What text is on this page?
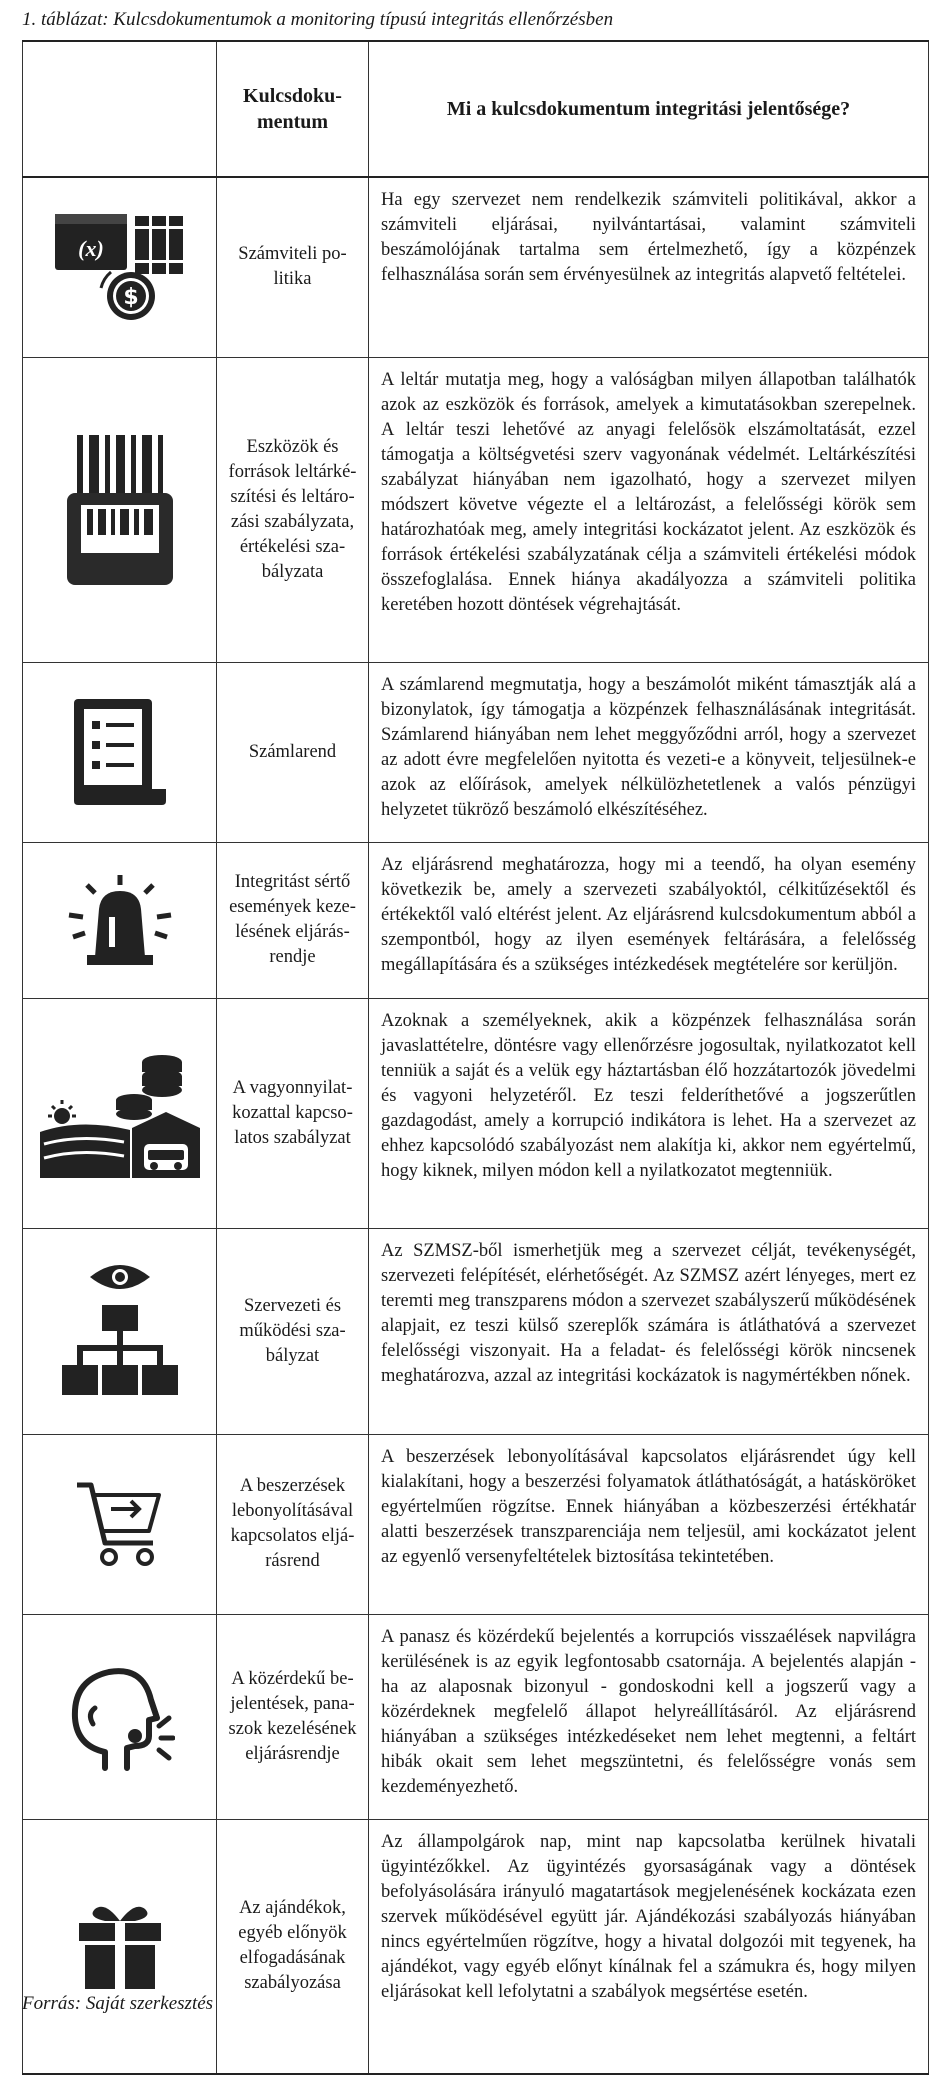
1. táblázat: Kulcsdokumentumok a monitoring típusú integritás ellenőrzésben
	Kulcsdokumentum	Mi a kulcsdokumentum integritási jelentősége?

(x)
$	Számviteli politika	Ha egy szervezet nem rendelkezik számviteli politikával, akkor a számviteli eljárásai, nyilvántartásai, valamint számviteli beszámolójának tartalma sem értelmezhető, így a közpénzek felhasználása során sem érvényesülnek az integritás alapvető feltételei.

	Eszközök és források leltárkészítési és leltározási szabályzata, értékelési szabályzata	A leltár mutatja meg, hogy a valóságban milyen állapotban találhatók azok az eszközök és források, amelyek a kimutatásokban szerepelnek. A leltár teszi lehetővé az anyagi felelősök elszámoltatását, ezzel támogatja a költségvetési szerv vagyonának védelmét. Leltárkészítési szabályzat hiányában nem igazolható, hogy a szervezet milyen módszert követve végezte el a leltározást, a felelősségi körök sem határozhatóak meg, amely integritási kockázatot jelent. Az eszközök és források értékelési szabályzatának célja a számviteli értékelési módok összefoglalása. Ennek hiánya akadályozza a számviteli politika keretében hozott döntések végrehajtását.

	Számlarend	A számlarend megmutatja, hogy a beszámolót miként támasztják alá a bizonylatok, így támogatja a közpénzek felhasználásának integritását. Számlarend hiányában nem lehet meggyőződni arról, hogy a szervezet az adott évre megfelelően nyitotta és vezeti-e a könyveit, teljesülnek-e azok az előírások, amelyek nélkülözhetetlenek a valós pénzügyi helyzetet tükröző beszámoló elkészítéséhez.

	Integritást sértő események kezelésének eljárásrendje	Az eljárásrend meghatározza, hogy mi a teendő, ha olyan esemény következik be, amely a szervezeti szabályoktól, célkitűzésektől és értékektől való eltérést jelent. Az eljárásrend kulcsdokumentum abból a szempontból, hogy az ilyen események feltárására, a felelősség megállapítására és a szükséges intézkedések megtételére sor kerüljön.

	A vagyonnyilatkozattal kapcsolatos szabályzat	Azoknak a személyeknek, akik a közpénzek felhasználása során javaslattételre, döntésre vagy ellenőrzésre jogosultak, nyilatkozatot kell tenniük a saját és a velük egy háztartásban élő hozzátartozók jövedelmi és vagyoni helyzetéről. Ez teszi felderíthetővé a jogszerűtlen gazdagodást, amely a korrupció indikátora is lehet. Ha a szervezet az ehhez kapcsolódó szabályozást nem alakítja ki, akkor nem egyértelmű, hogy kiknek, milyen módon kell a nyilatkozatot megtenniük.

	Szervezeti és működési szabályzat	Az SZMSZ-ből ismerhetjük meg a szervezet célját, tevékenységét, szervezeti felépítését, elérhetőségét. Az SZMSZ azért lényeges, mert ez teremti meg transzparens módon a szervezet szabályszerű működésének alapjait, ez teszi külső szereplők számára is átláthatóvá a szervezet felelősségi viszonyait. Ha a feladat- és felelősségi körök nincsenek meghatározva, azzal az integritási kockázatok is nagymértékben nőnek.

	A beszerzések lebonyolításával kapcsolatos eljárásrend	A beszerzések lebonyolításával kapcsolatos eljárásrendet úgy kell kialakítani, hogy a beszerzési folyamatok átláthatóságát, a hatásköröket egyértelműen rögzítse. Ennek hiányában a közbeszerzési értékhatár alatti beszerzések transzparenciája nem teljesül, ami kockázatot jelent az egyenlő versenyfeltételek biztosítása tekintetében.

	A közérdekű bejelentések, panaszok kezelésének eljárásrendje	A panasz és közérdekű bejelentés a korrupciós visszaélések napvilágra kerülésének is az egyik legfontosabb csatornája. A bejelentés alapján - ha az alaposnak bizonyul - gondoskodni kell a jogszerű vagy a közérdeknek megfelelő állapot helyreállításáról. Az eljárásrend hiányában a szükséges intézkedéseket nem lehet megtenni, a feltárt hibák okait sem lehet megszüntetni, és felelősségre vonás sem kezdeményezhető.

	Az ajándékok, egyéb előnyök elfogadásának szabályozása	Az állampolgárok nap, mint nap kapcsolatba kerülnek hivatali ügyintézőkkel. Az ügyintézés gyorsaságának vagy a döntések befolyásolására irányuló magatartások megjelenésének kockázata ezen szervek működésével együtt jár. Ajándékozási szabályozás hiányában nincs egyértelműen rögzítve, hogy a hivatal dolgozói mit tegyenek, ha ajándékot, vagy egyéb előnyt kínálnak fel a számukra és, hogy milyen eljárásokat kell lefolytatni a szabályok megsértése esetén.
Forrás: Saját szerkesztés
